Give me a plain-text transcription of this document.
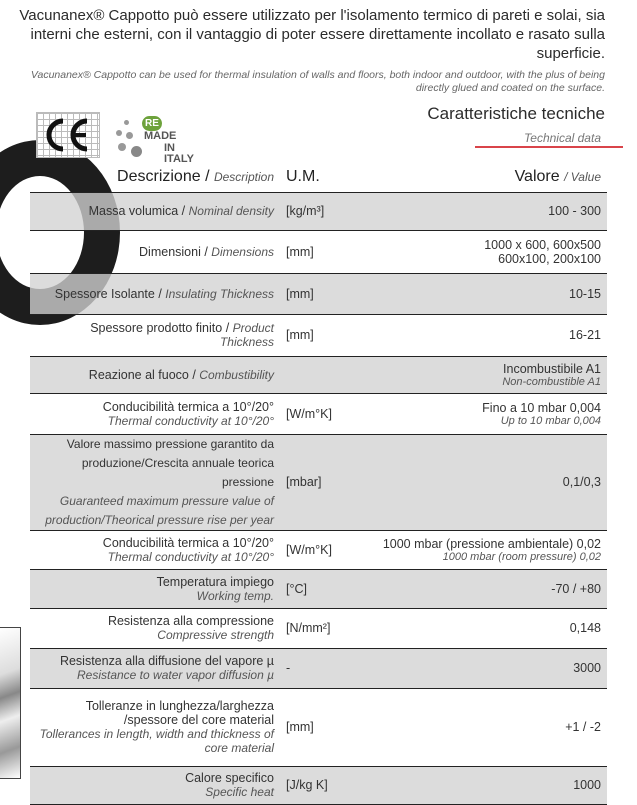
Vacunanex® Cappotto può essere utilizzato per l'isolamento termico di pareti e solai, sia interni che esterni, con il vantaggio di poter essere direttamente incollato e rasato sulla superficie.
Vacunanex® Cappotto can be used for thermal insulation of walls and floors, both indoor and outdoor, with the plus of being directly glued and coated on the surface.
REMADE
IN ITALY
Caratteristiche tecniche
Technical data
Descrizione / Description	U.M.	Valore / Value
Massa volumica / Nominal density	[kg/m³]	100 - 300

Dimensioni / Dimensions	[mm]	1000 x 600, 600x500
600x100, 200x100

Spessore Isolante / Insulating Thickness	[mm]	10-15

Spessore prodotto finito / Product Thickness	[mm]	16-21

Reazione al fuoco / Combustibility		Incombustibile A1
Non-combustible A1

Conducibilità termica a 10°/20°
Thermal conductivity at 10°/20°	[W/m°K]	Fino a 10 mbar 0,004
Up to 10 mbar 0,004

Valore massimo pressione garantito da produzione/Crescita annuale teorica pressione
Guaranteed maximum pressure value of production/Theorical pressure rise per year	[mbar]	0,1/0,3

Conducibilità termica a 10°/20°
Thermal conductivity at 10°/20°	[W/m°K]	1000 mbar (pressione ambientale) 0,02
1000 mbar (room pressure) 0,02

Temperatura impiego
Working temp.	[°C]	-70 / +80

Resistenza alla compressione
Compressive strength	[N/mm²]	0,148

Resistenza alla diffusione del vapore µ
Resistance to water vapor diffusion µ	-	3000

Tolleranze in lunghezza/larghezza /spessore del core material
Tollerances in length, width and thickness of core material	[mm]	+1 / -2

Calore specifico
Specific heat	[J/kg K]	1000
